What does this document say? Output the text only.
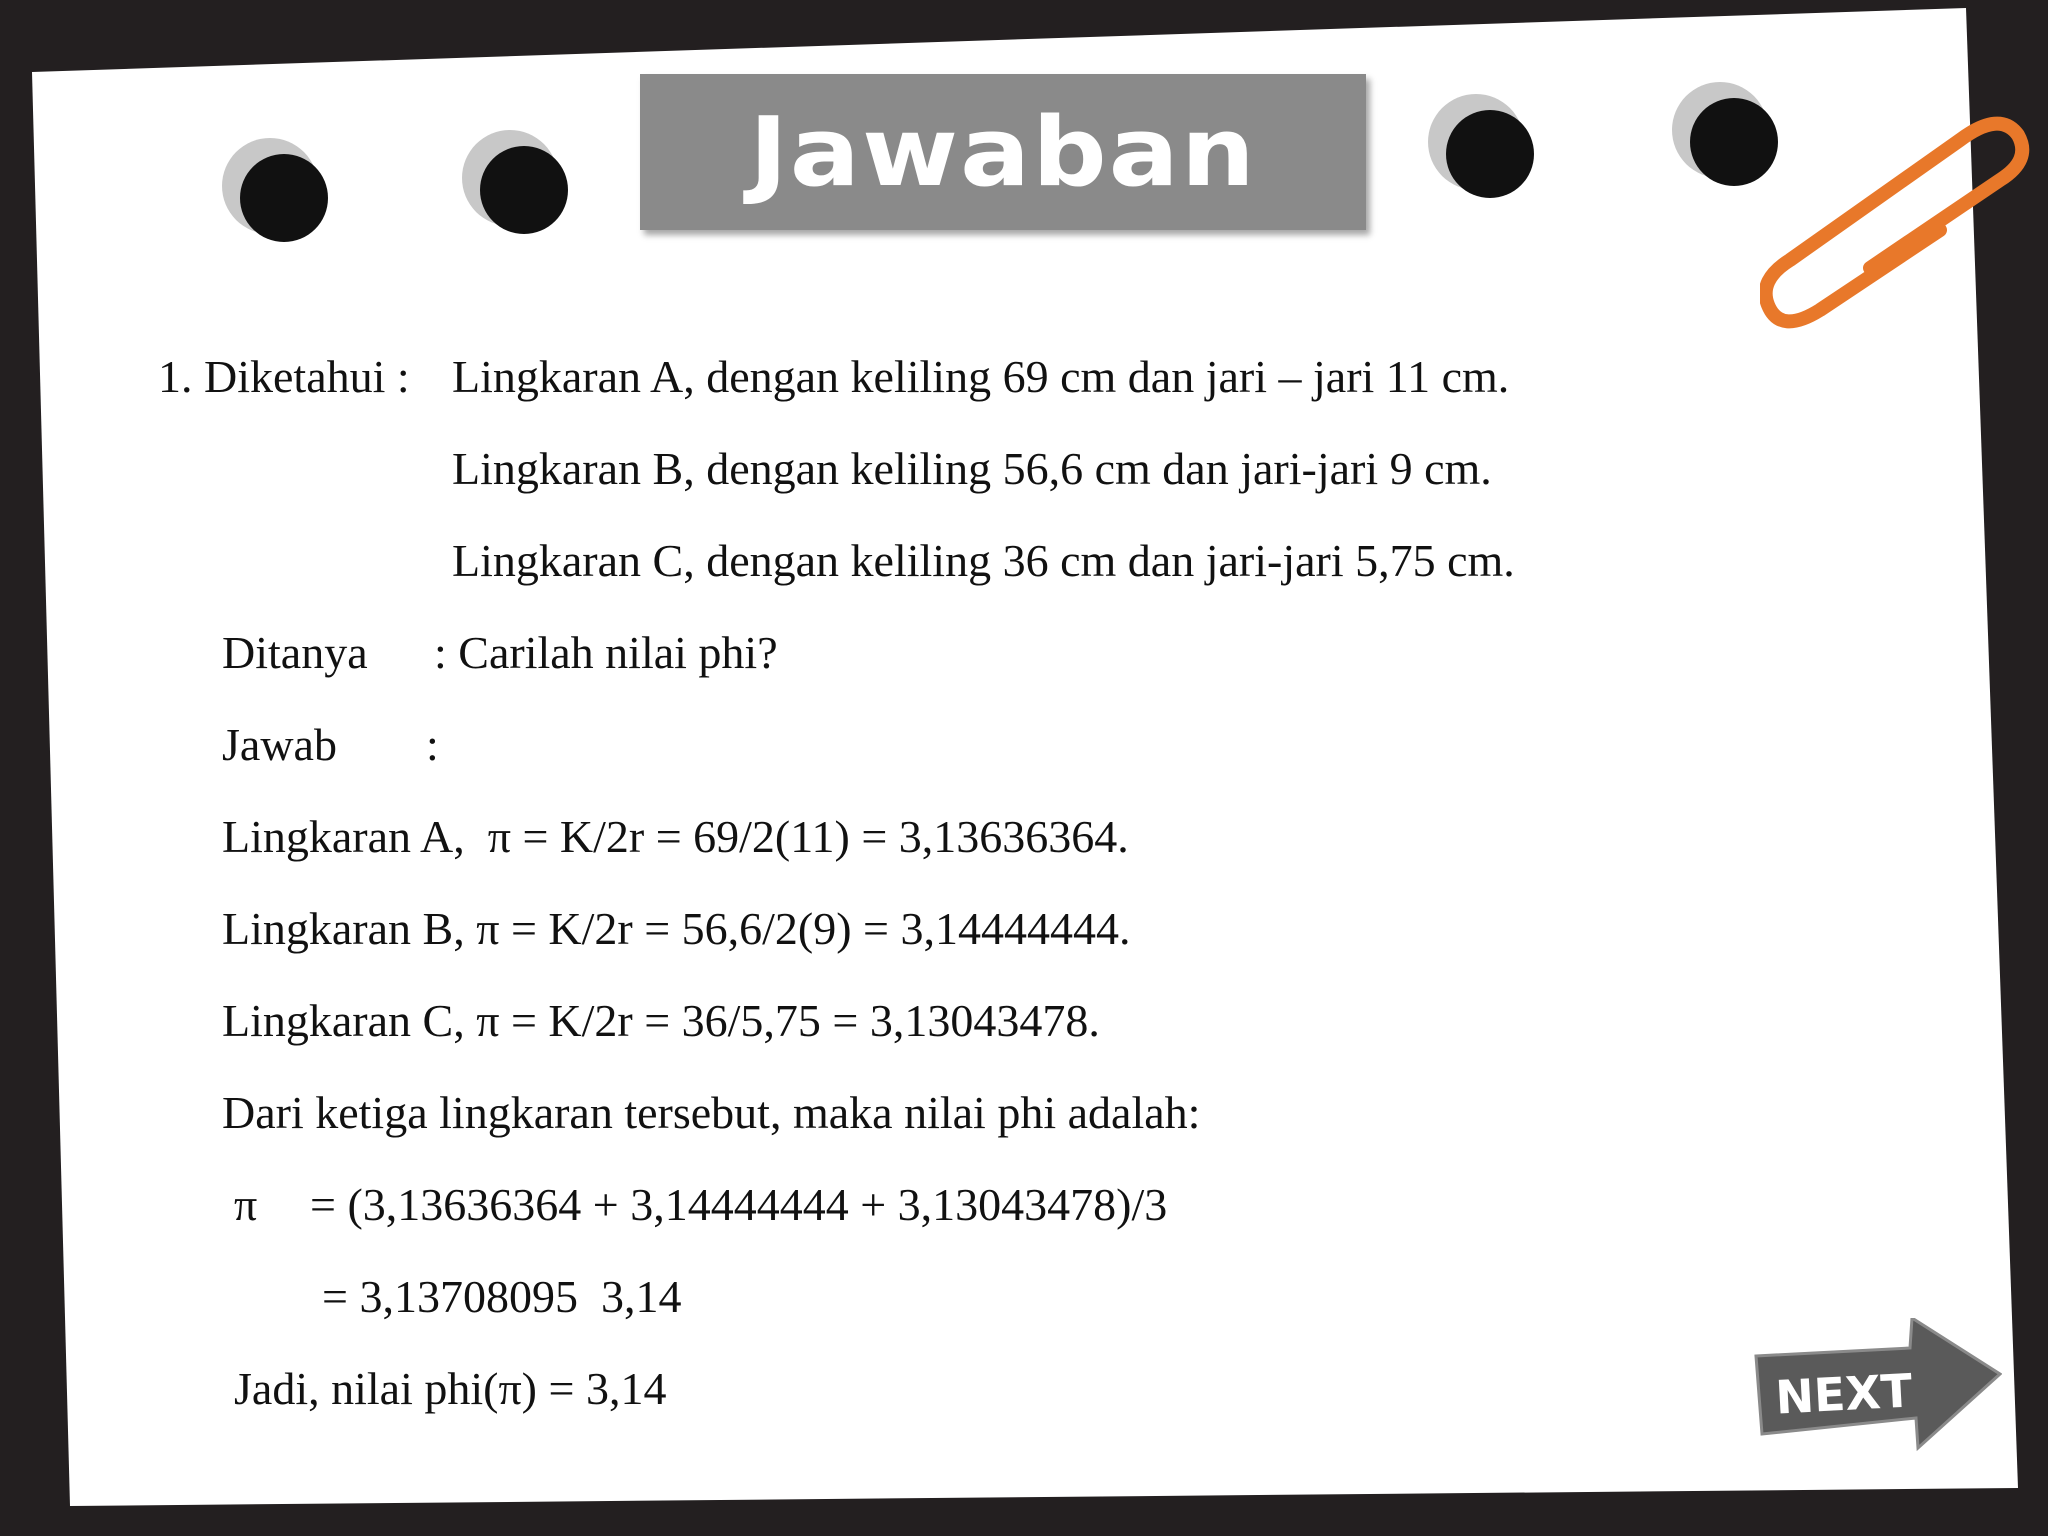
Jawaban
1. Diketahui : Lingkaran A, dengan keliling 69 cm dan jari – jari 11 cm.
Lingkaran B, dengan keliling 56,6 cm dan jari-jari 9 cm.
Lingkaran C, dengan keliling 36 cm dan jari-jari 5,75 cm.
Ditanya : Carilah nilai phi?
Jawab :
Lingkaran A,  π = K/2r = 69/2(11) = 3,13636364.
Lingkaran B, π = K/2r = 56,6/2(9) = 3,14444444.
Lingkaran C, π = K/2r = 36/5,75 = 3,13043478.
Dari ketiga lingkaran tersebut, maka nilai phi adalah:
π = (3,13636364 + 3,14444444 + 3,13043478)/3
= 3,13708095  3,14
Jadi, nilai phi(π) = 3,14	NEXT
